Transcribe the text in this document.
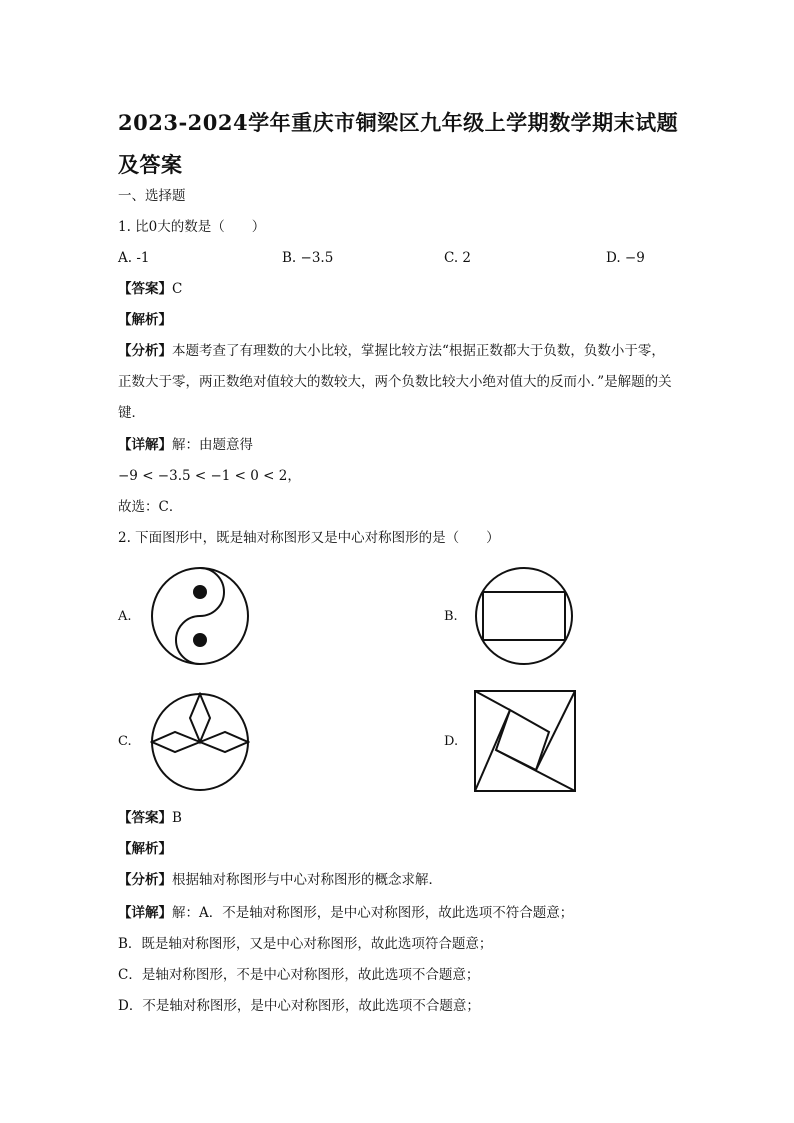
2023-2024学年重庆市铜梁区九年级上学期数学期末试题及答案
一、选择题
1. 比0大的数是（　　）
A. -1	B. −3.5	C. 2	D. −9
【答案】C
【解析】
【分析】本题考查了有理数的大小比较，掌握比较方法“根据正数都大于负数，负数小于零，正数大于零，两正数绝对值较大的数较大，两个负数比较大小绝对值大的反而小．”是解题的关键．
【详解】解：由题意得
−9 < −3.5 < −1 < 0 < 2，
故选：C．
2. 下面图形中，既是轴对称图形又是中心对称图形的是（　　）
A.	B.
C.	D.
【答案】B
【解析】
【分析】根据轴对称图形与中心对称图形的概念求解．
【详解】解：A．不是轴对称图形，是中心对称图形，故此选项不符合题意；
B．既是轴对称图形，又是中心对称图形，故此选项符合题意；
C．是轴对称图形，不是中心对称图形，故此选项不合题意；
D．不是轴对称图形，是中心对称图形，故此选项不合题意；
